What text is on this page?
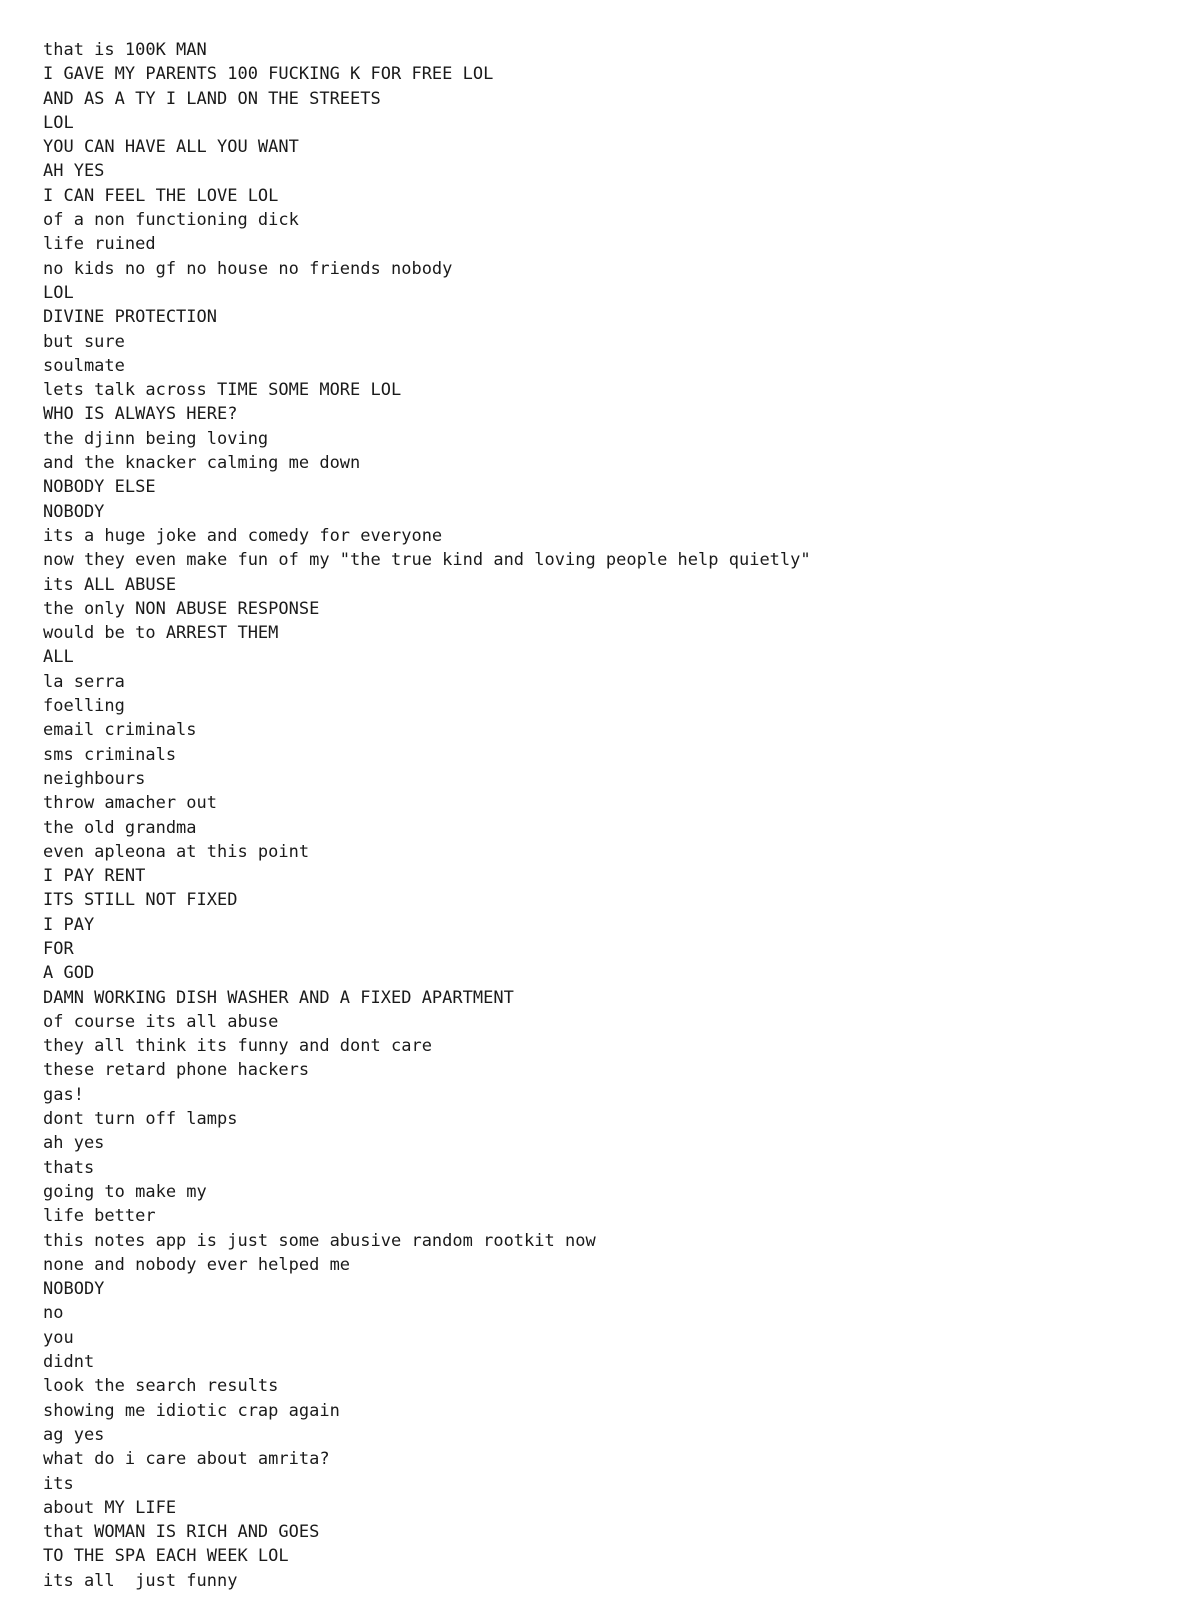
that is 100K MAN
I GAVE MY PARENTS 100 FUCKING K FOR FREE LOL
AND AS A TY I LAND ON THE STREETS
LOL
YOU CAN HAVE ALL YOU WANT
AH YES
I CAN FEEL THE LOVE LOL
of a non functioning dick
life ruined
no kids no gf no house no friends nobody
LOL
DIVINE PROTECTION
but sure
soulmate
lets talk across TIME SOME MORE LOL
WHO IS ALWAYS HERE?
the djinn being loving
and the knacker calming me down
NOBODY ELSE
NOBODY
its a huge joke and comedy for everyone
now they even make fun of my "the true kind and loving people help quietly"
its ALL ABUSE
the only NON ABUSE RESPONSE
would be to ARREST THEM
ALL
la serra
foelling
email criminals
sms criminals
neighbours
throw amacher out
the old grandma
even apleona at this point
I PAY RENT
ITS STILL NOT FIXED
I PAY
FOR
A GOD
DAMN WORKING DISH WASHER AND A FIXED APARTMENT
of course its all abuse
they all think its funny and dont care
these retard phone hackers
gas!
dont turn off lamps
ah yes
thats
going to make my
life better
this notes app is just some abusive random rootkit now
none and nobody ever helped me
NOBODY
no
you
didnt
look the search results
showing me idiotic crap again
ag yes
what do i care about amrita?
its
about MY LIFE
that WOMAN IS RICH AND GOES
TO THE SPA EACH WEEK LOL
its all  just funny
